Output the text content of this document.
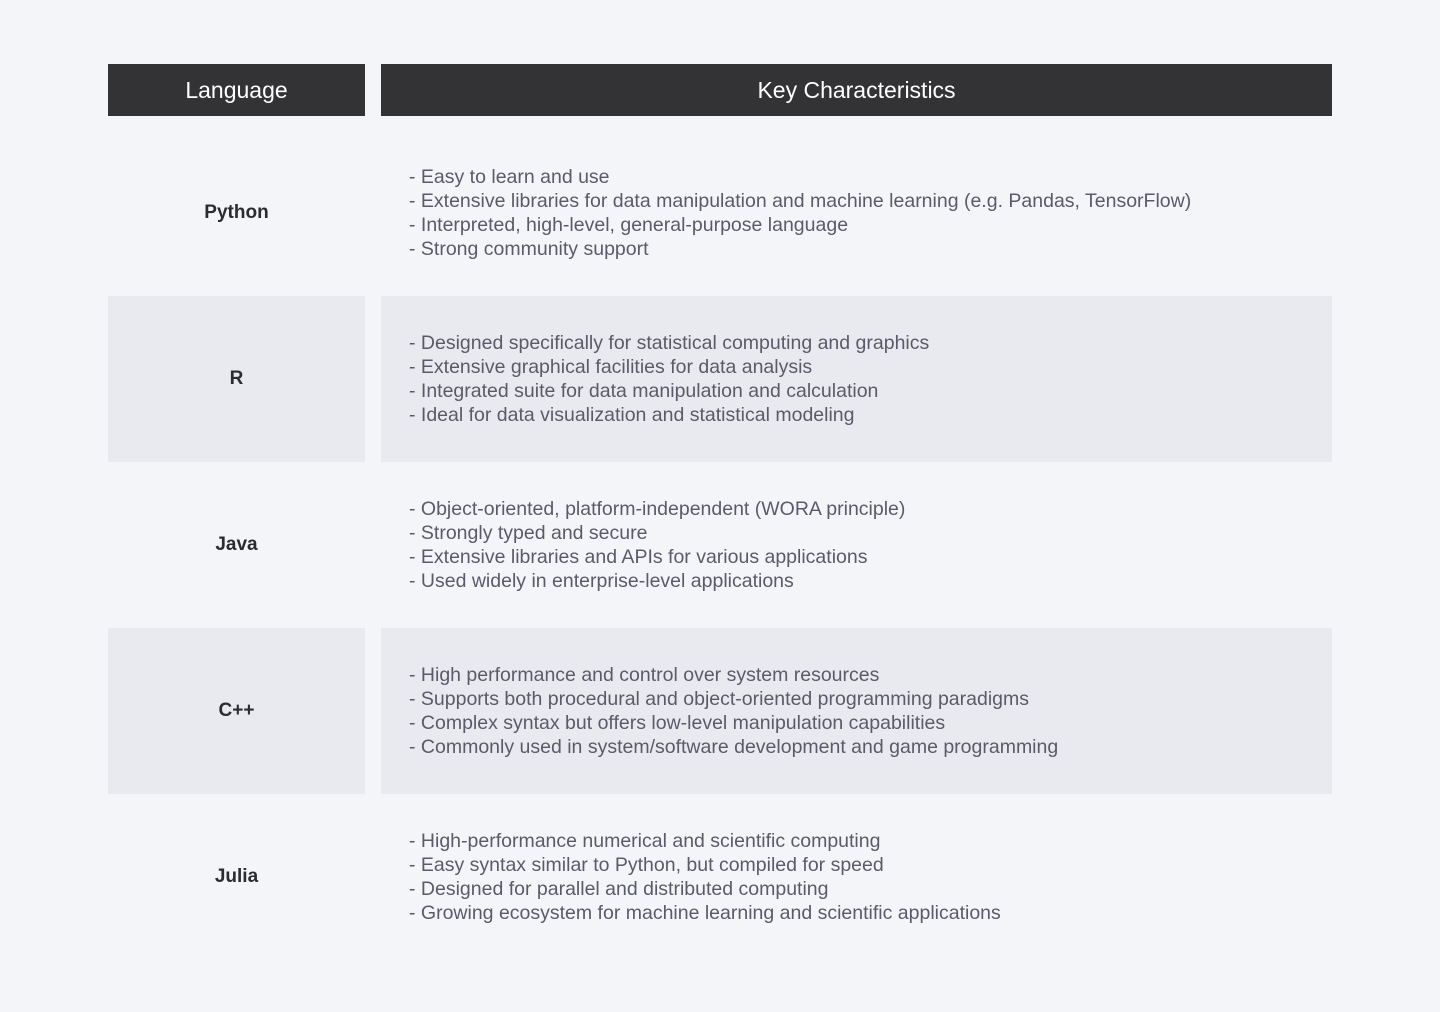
Language	Key Characteristics
Python
- Easy to learn and use
- Extensive libraries for data manipulation and machine learning (e.g. Pandas, TensorFlow)
- Interpreted, high-level, general-purpose language
- Strong community support
R
- Designed specifically for statistical computing and graphics
- Extensive graphical facilities for data analysis
- Integrated suite for data manipulation and calculation
- Ideal for data visualization and statistical modeling
Java
- Object-oriented, platform-independent (WORA principle)
- Strongly typed and secure
- Extensive libraries and APIs for various applications
- Used widely in enterprise-level applications
C++
- High performance and control over system resources
- Supports both procedural and object-oriented programming paradigms
- Complex syntax but offers low-level manipulation capabilities
- Commonly used in system/software development and game programming
Julia
- High-performance numerical and scientific computing
- Easy syntax similar to Python, but compiled for speed
- Designed for parallel and distributed computing
- Growing ecosystem for machine learning and scientific applications
